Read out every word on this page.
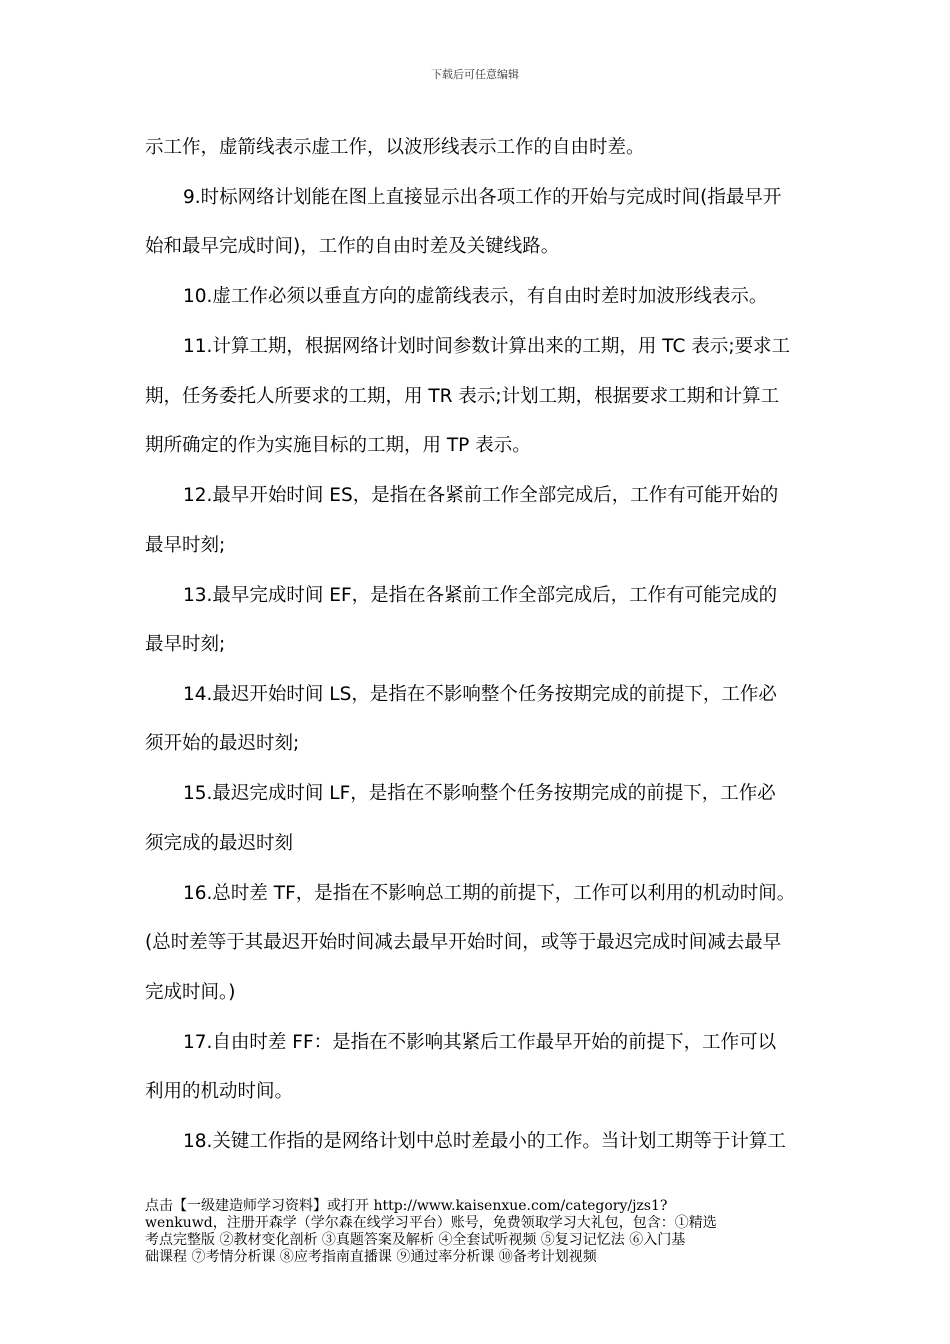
下载后可任意编辑
示工作，虚箭线表示虚工作，以波形线表示工作的自由时差。
9.时标网络计划能在图上直接显示出各项工作的开始与完成时间(指最早开
始和最早完成时间)，工作的自由时差及关键线路。
10.虚工作必须以垂直方向的虚箭线表示，有自由时差时加波形线表示。
11.计算工期，根据网络计划时间参数计算出来的工期，用 TC 表示;要求工
期，任务委托人所要求的工期，用 TR 表示;计划工期，根据要求工期和计算工
期所确定的作为实施目标的工期，用 TP 表示。
12.最早开始时间 ES，是指在各紧前工作全部完成后，工作有可能开始的
最早时刻;
13.最早完成时间 EF，是指在各紧前工作全部完成后，工作有可能完成的
最早时刻;
14.最迟开始时间 LS，是指在不影响整个任务按期完成的前提下，工作必
须开始的最迟时刻;
15.最迟完成时间 LF，是指在不影响整个任务按期完成的前提下，工作必
须完成的最迟时刻
16.总时差 TF，是指在不影响总工期的前提下，工作可以利用的机动时间。
(总时差等于其最迟开始时间减去最早开始时间，或等于最迟完成时间减去最早
完成时间。)
17.自由时差 FF：是指在不影响其紧后工作最早开始的前提下，工作可以
利用的机动时间。
18.关键工作指的是网络计划中总时差最小的工作。当计划工期等于计算工
点击【一级建造师学习资料】或打开 http://www.kaisenxue.com/category/jzs1?
wenkuwd，注册开森学（学尔森在线学习平台）账号，免费领取学习大礼包，包含：①精选
考点完整版 ②教材变化剖析 ③真题答案及解析 ④全套试听视频 ⑤复习记忆法 ⑥入门基
础课程 ⑦考情分析课 ⑧应考指南直播课 ⑨通过率分析课 ⑩备考计划视频
